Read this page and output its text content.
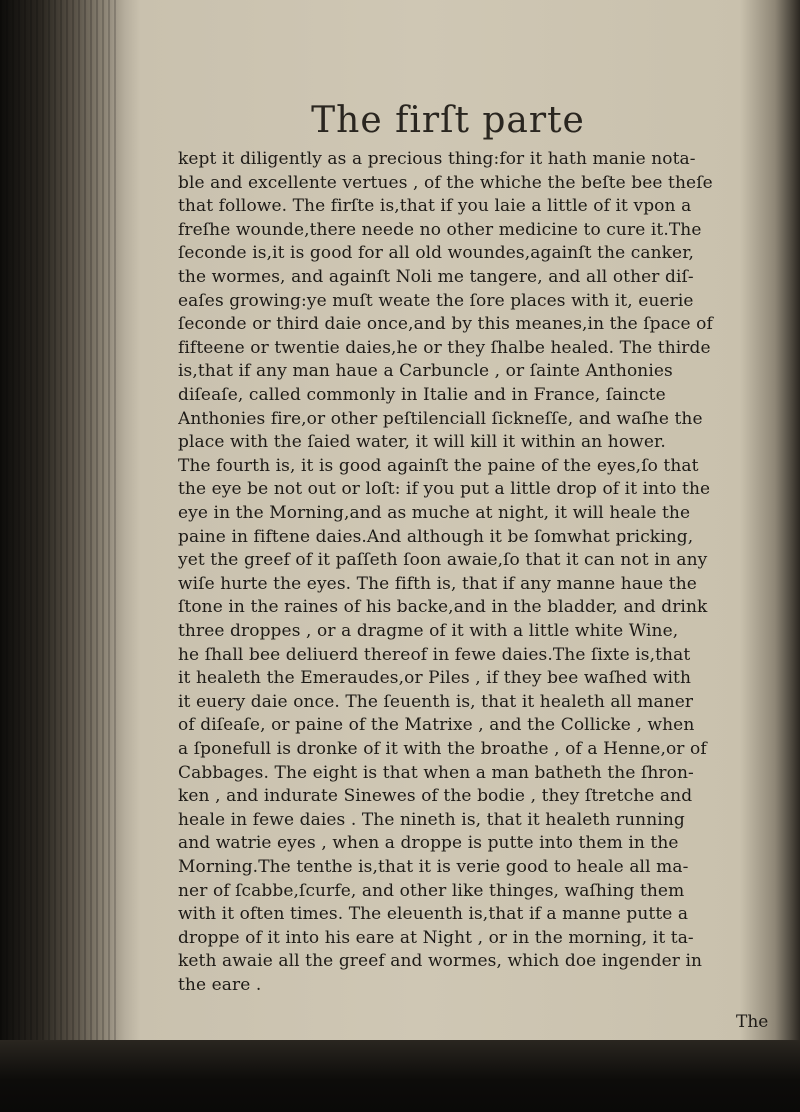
The firſt parte
kept it diligently as a precious thing:for it hath manie nota‑
ble and excellente vertues , of the whiche the beſte bee theſe
that followe. The firſte is,that if you laie a little of it vpon a
freſhe wounde,there neede no other medicine to cure it.The
ſeconde is,it is good for all old woundes,againſt the canker,
the wormes, and againſt Noli me tangere, and all other diſ‑
eaſes growing:ye muſt weate the ſore places with it, euerie
ſeconde or third daie once,and by this meanes,in the ſpace of
fifteene or twentie daies,he or they ſhalbe healed. The thirde
is,that if any man haue a Carbuncle , or ſainte Anthonies
diſeaſe, called commonly in Italie and in France, ſaincte
Anthonies fire,or other peſtilenciall ſickneſſe, and waſhe the
place with the ſaied water, it will kill it within an hower.
The fourth is, it is good againſt the paine of the eyes,ſo that
the eye be not out or loſt: if you put a little drop of it into the
eye in the Morning,and as muche at night, it will heale the
paine in fiftene daies.And although it be ſomwhat pricking,
yet the greef of it paſſeth ſoon awaie,ſo that it can not in any
wiſe hurte the eyes. The fifth is, that if any manne haue the
ſtone in the raines of his backe,and in the bladder, and drink
three droppes , or a dragme of it with a little white Wine,
he ſhall bee deliuerd thereof in fewe daies.The ſixte is,that
it healeth the Emeraudes,or Piles , if they bee waſhed with
it euery daie once. The ſeuenth is, that it healeth all maner
of diſeaſe, or paine of the Matrixe , and the Collicke , when
a ſponefull is dronke of it with the broathe , of a Henne,or of
Cabbages. The eight is that when a man batheth the ſhron‑
ken , and indurate Sinewes of the bodie , they ſtretche and
heale in fewe daies . The nineth is, that it healeth running
and watrie eyes , when a droppe is putte into them in the
Morning.The tenthe is,that it is verie good to heale all ma‑
ner of ſcabbe,ſcurfe, and other like thinges, waſhing them
with it often times. The eleuenth is,that if a manne putte a
droppe of it into his eare at Night , or in the morning, it ta‑
keth awaie all the greef and wormes, which doe ingender in
the eare .
The
